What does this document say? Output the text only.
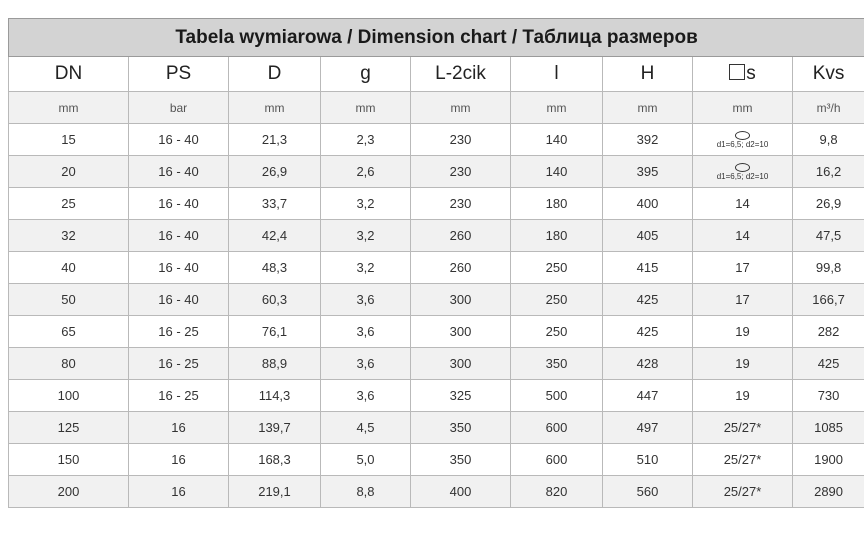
Tabela wymiarowa / Dimension chart / Таблица размеров								
DN	PS	D	g	L-2cik	l	H	s	Kvs
mm	bar	mm	mm	mm	mm	mm	mm	m³/h
15	16 - 40	21,3	2,3	230	140	392	d1=6,5; d2=10	9,8
20	16 - 40	26,9	2,6	230	140	395	d1=6,5; d2=10	16,2
25	16 - 40	33,7	3,2	230	180	400	14	26,9
32	16 - 40	42,4	3,2	260	180	405	14	47,5
40	16 - 40	48,3	3,2	260	250	415	17	99,8
50	16 - 40	60,3	3,6	300	250	425	17	166,7
65	16 - 25	76,1	3,6	300	250	425	19	282
80	16 - 25	88,9	3,6	300	350	428	19	425
100	16 - 25	114,3	3,6	325	500	447	19	730
125	16	139,7	4,5	350	600	497	25/27*	1085
150	16	168,3	5,0	350	600	510	25/27*	1900
200	16	219,1	8,8	400	820	560	25/27*	2890
